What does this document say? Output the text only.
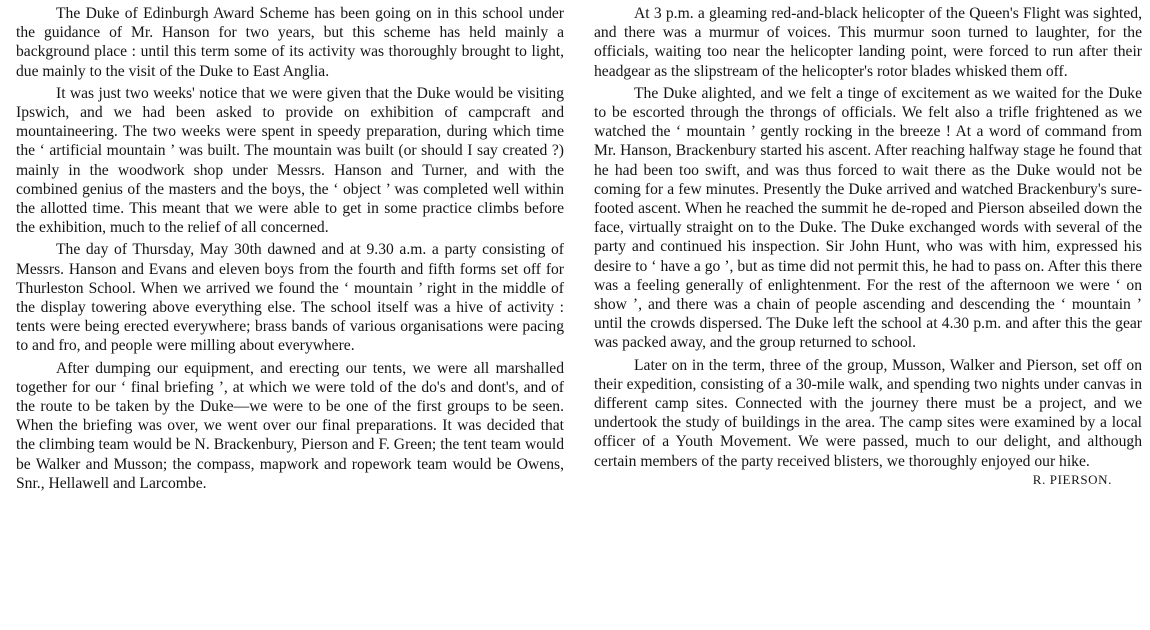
The Duke of Edinburgh Award Scheme has been going on in this school under the guidance of Mr. Hanson for two years, but this scheme has held mainly a background place : until this term some of its activity was thoroughly brought to light, due mainly to the visit of the Duke to East Anglia.

It was just two weeks' notice that we were given that the Duke would be visiting Ipswich, and we had been asked to provide on exhibition of campcraft and mountaineering. The two weeks were spent in speedy preparation, during which time the ‘ artificial mountain ’ was built. The mountain was built (or should I say created ?) mainly in the woodwork shop under Messrs. Hanson and Turner, and with the combined genius of the masters and the boys, the ‘ object ’ was completed well within the allotted time. This meant that we were able to get in some practice climbs before the exhibition, much to the relief of all concerned.

The day of Thursday, May 30th dawned and at 9.30 a.m. a party consisting of Messrs. Hanson and Evans and eleven boys from the fourth and fifth forms set off for Thurleston School. When we arrived we found the ‘ mountain ’ right in the middle of the display towering above everything else. The school itself was a hive of activity : tents were being erected everywhere; brass bands of various organisations were pacing to and fro, and people were milling about everywhere.

After dumping our equipment, and erecting our tents, we were all marshalled together for our ‘ final briefing ’, at which we were told of the do's and dont's, and of the route to be taken by the Duke—we were to be one of the first groups to be seen. When the briefing was over, we went over our final preparations. It was decided that the climbing team would be N. Brackenbury, Pierson and F. Green; the tent team would be Walker and Musson; the compass, mapwork and ropework team would be Owens, Snr., Hellawell and Larcombe.

At 3 p.m. a gleaming red-and-black helicopter of the Queen's Flight was sighted, and there was a murmur of voices. This murmur soon turned to laughter, for the officials, waiting too near the helicopter landing point, were forced to run after their headgear as the slipstream of the helicopter's rotor blades whisked them off.

The Duke alighted, and we felt a tinge of excitement as we waited for the Duke to be escorted through the throngs of officials. We felt also a trifle frightened as we watched the ‘ mountain ’ gently rocking in the breeze ! At a word of command from Mr. Hanson, Brackenbury started his ascent. After reaching halfway stage he found that he had been too swift, and was thus forced to wait there as the Duke would not be coming for a few minutes. Presently the Duke arrived and watched Brackenbury's sure-footed ascent. When he reached the summit he de-roped and Pierson abseiled down the face, virtually straight on to the Duke. The Duke exchanged words with several of the party and continued his inspection. Sir John Hunt, who was with him, expressed his desire to ‘ have a go ’, but as time did not permit this, he had to pass on. After this there was a feeling generally of enlightenment. For the rest of the afternoon we were ‘ on show ’, and there was a chain of people ascending and descending the ‘ mountain ’ until the crowds dispersed. The Duke left the school at 4.30 p.m. and after this the gear was packed away, and the group returned to school.

Later on in the term, three of the group, Musson, Walker and Pierson, set off on their expedition, consisting of a 30-mile walk, and spending two nights under canvas in different camp sites. Connected with the journey there must be a project, and we undertook the study of buildings in the area. The camp sites were examined by a local officer of a Youth Movement. We were passed, much to our delight, and although certain members of the party received blisters, we thoroughly enjoyed our hike.

R. PIERSON.
